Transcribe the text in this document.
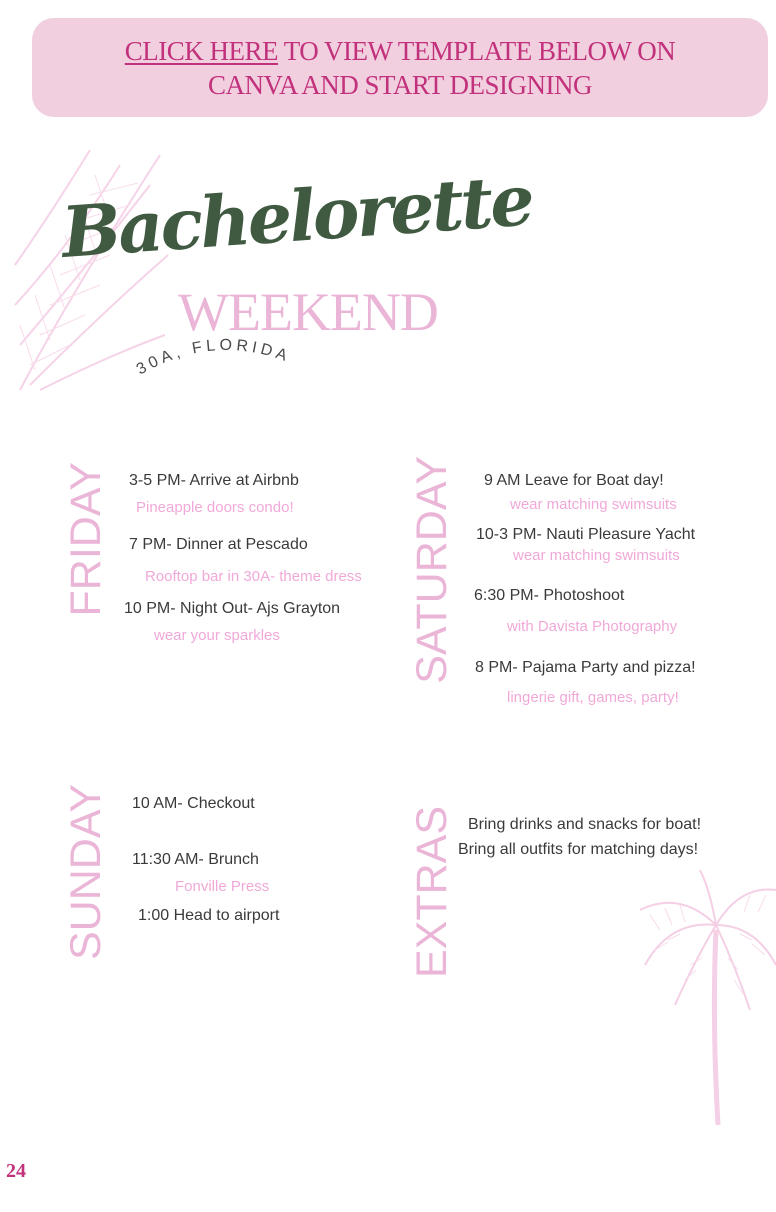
CLICK HERE TO VIEW TEMPLATE BELOW ON
CANVA AND START DESIGNING
Bachelorette
WEEKEND
30A, FLORIDA
FRIDAY 3-5 PM- Arrive at Airbnb
Pineapple doors condo!
7 PM- Dinner at Pescado
Rooftop bar in 30A- theme dress
10 PM- Night Out- Ajs Grayton
wear your sparkles	SATURDAY 9 AM Leave for Boat day!
wear matching swimsuits
10-3 PM- Nauti Pleasure Yacht
wear matching swimsuits
6:30 PM- Photoshoot
with Davista Photography
8 PM- Pajama Party and pizza!
lingerie gift, games, party!
SUNDAY 10 AM- Checkout
11:30 AM- Brunch
Fonville Press
1:00 Head to airport	EXTRAS Bring drinks and snacks for boat!
Bring all outfits for matching days!
24
